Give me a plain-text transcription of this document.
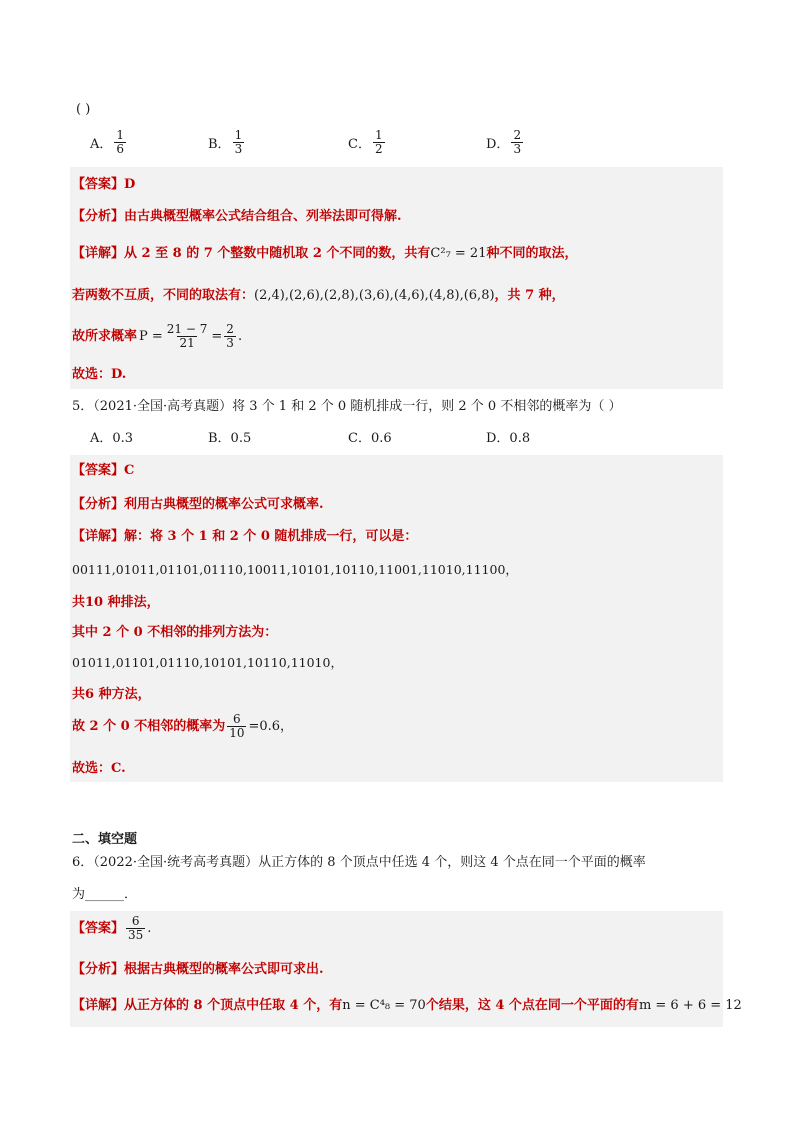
( )
A． $\frac{1}{6}$	B． $\frac{1}{3}$	C． $\frac{1}{2}$	D． $\frac{2}{3}$
【答案】D
【分析】由古典概型概率公式结合组合、列举法即可得解.
【详解】从 2 至 8 的 7 个整数中随机取 2 个不同的数，共有C²₇ = 21种不同的取法，
若两数不互质，不同的取法有：(2,4),(2,6),(2,8),(3,6),(4,6),(4,8),(6,8)，共 7 种，
故所求概率 $P = \frac{21 - 7}{21} = \frac{2}{3}$ .
故选：D.
5．（2021·全国·高考真题）将 3 个 1 和 2 个 0 随机排成一行，则 2 个 0 不相邻的概率为（ ）
A．0.3	B．0.5	C．0.6	D．0.8
【答案】C
【分析】利用古典概型的概率公式可求概率.
【详解】解：将 3 个 1 和 2 个 0 随机排成一行，可以是：
00111,01011,01101,01110,10011,10101,10110,11001,11010,11100，
共10 种排法，
其中 2 个 0 不相邻的排列方法为：
01011,01101,01110,10101,10110,11010，
共6 种方法，
故 2 个 0 不相邻的概率为 $\frac{6}{10} =0.6$，
故选：C.
二、填空题
6．（2022·全国·统考高考真题）从正方体的 8 个顶点中任选 4 个，则这 4 个点在同一个平面的概率
为______．
【答案】 $\frac{6}{35}$ .
【分析】根据古典概型的概率公式即可求出.
【详解】从正方体的 8 个顶点中任取 4 个，有n = C⁴₈ = 70个结果，这 4 个点在同一个平面的有m = 6 + 6 = 12
